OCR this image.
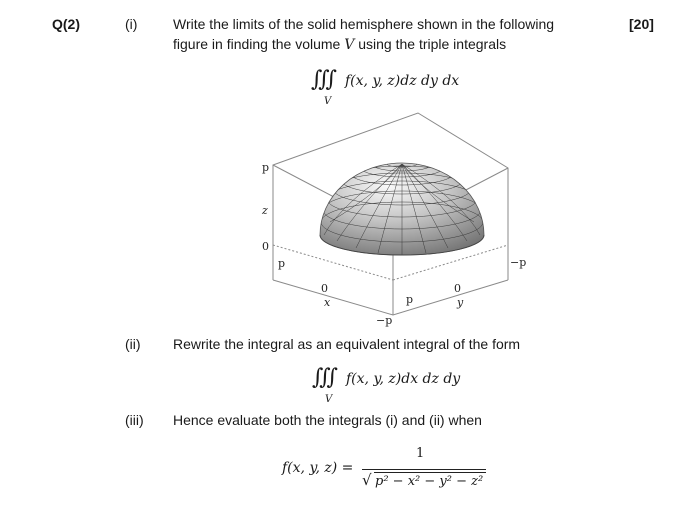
Q(2)	[20]
(i)	Write the limits of the solid hemisphere shown in the following
figure in finding the volume V using the triple integrals
∭
V
f(x, y, z)dz dy dx
p
z
0
p
0
x
−p
p
0
y
−p
(ii) Rewrite the integral as an equivalent integral of the form
∭
V
f(x, y, z)dx dz dy
(iii) Hence evaluate both the integrals (i) and (ii) when
f(x, y, z) =
1
√ p² − x² − y² − z²
